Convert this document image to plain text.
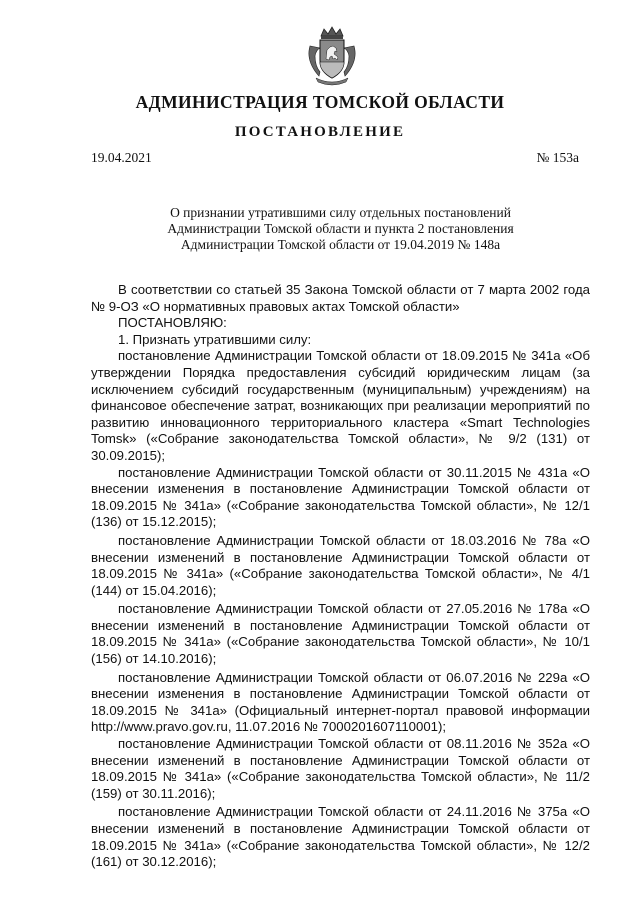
АДМИНИСТРАЦИЯ ТОМСКОЙ ОБЛАСТИ
ПОСТАНОВЛЕНИЕ
19.04.2021	№ 153а
О признании утратившими силу отдельных постановлений
Администрации Томской области и пункта 2 постановления
Администрации Томской области от 19.04.2019 № 148а

В соответствии со статьей 35 Закона Томской области от 7 марта 2002 года № 9-ОЗ «О нормативных правовых актах Томской области»

ПОСТАНОВЛЯЮ:

1. Признать утратившими силу:

постановление Администрации Томской области от 18.09.2015 № 341а «Об утверждении Порядка предоставления субсидий юридическим лицам (за исключением субсидий государственным (муниципальным) учреждениям) на финансовое обеспечение затрат, возникающих при реализации мероприятий по развитию инновационного территориального кластера «Smart Technologies Tomsk» («Собрание законодательства Томской области», № 9/2 (131) от 30.09.2015);

постановление Администрации Томской области от 30.11.2015 № 431а «О внесении изменения в постановление Администрации Томской области от 18.09.2015 № 341а» («Собрание законодательства Томской области», № 12/1 (136) от 15.12.2015);

постановление Администрации Томской области от 18.03.2016 № 78а «О внесении изменений в постановление Администрации Томской области от 18.09.2015 № 341а» («Собрание законодательства Томской области», № 4/1 (144) от 15.04.2016);

постановление Администрации Томской области от 27.05.2016 № 178а «О внесении изменений в постановление Администрации Томской области от 18.09.2015 № 341а» («Собрание законодательства Томской области», № 10/1 (156) от 14.10.2016);

постановление Администрации Томской области от 06.07.2016 № 229а «О внесении изменения в постановление Администрации Томской области от 18.09.2015 № 341а» (Официальный интернет-портал правовой информации http://www.pravo.gov.ru, 11.07.2016 № 7000201607110001);

постановление Администрации Томской области от 08.11.2016 № 352а «О внесении изменений в постановление Администрации Томской области от 18.09.2015 № 341а» («Собрание законодательства Томской области», № 11/2 (159) от 30.11.2016);

постановление Администрации Томской области от 24.11.2016 № 375а «О внесении изменений в постановление Администрации Томской области от 18.09.2015 № 341а» («Собрание законодательства Томской области», № 12/2 (161) от 30.12.2016);
